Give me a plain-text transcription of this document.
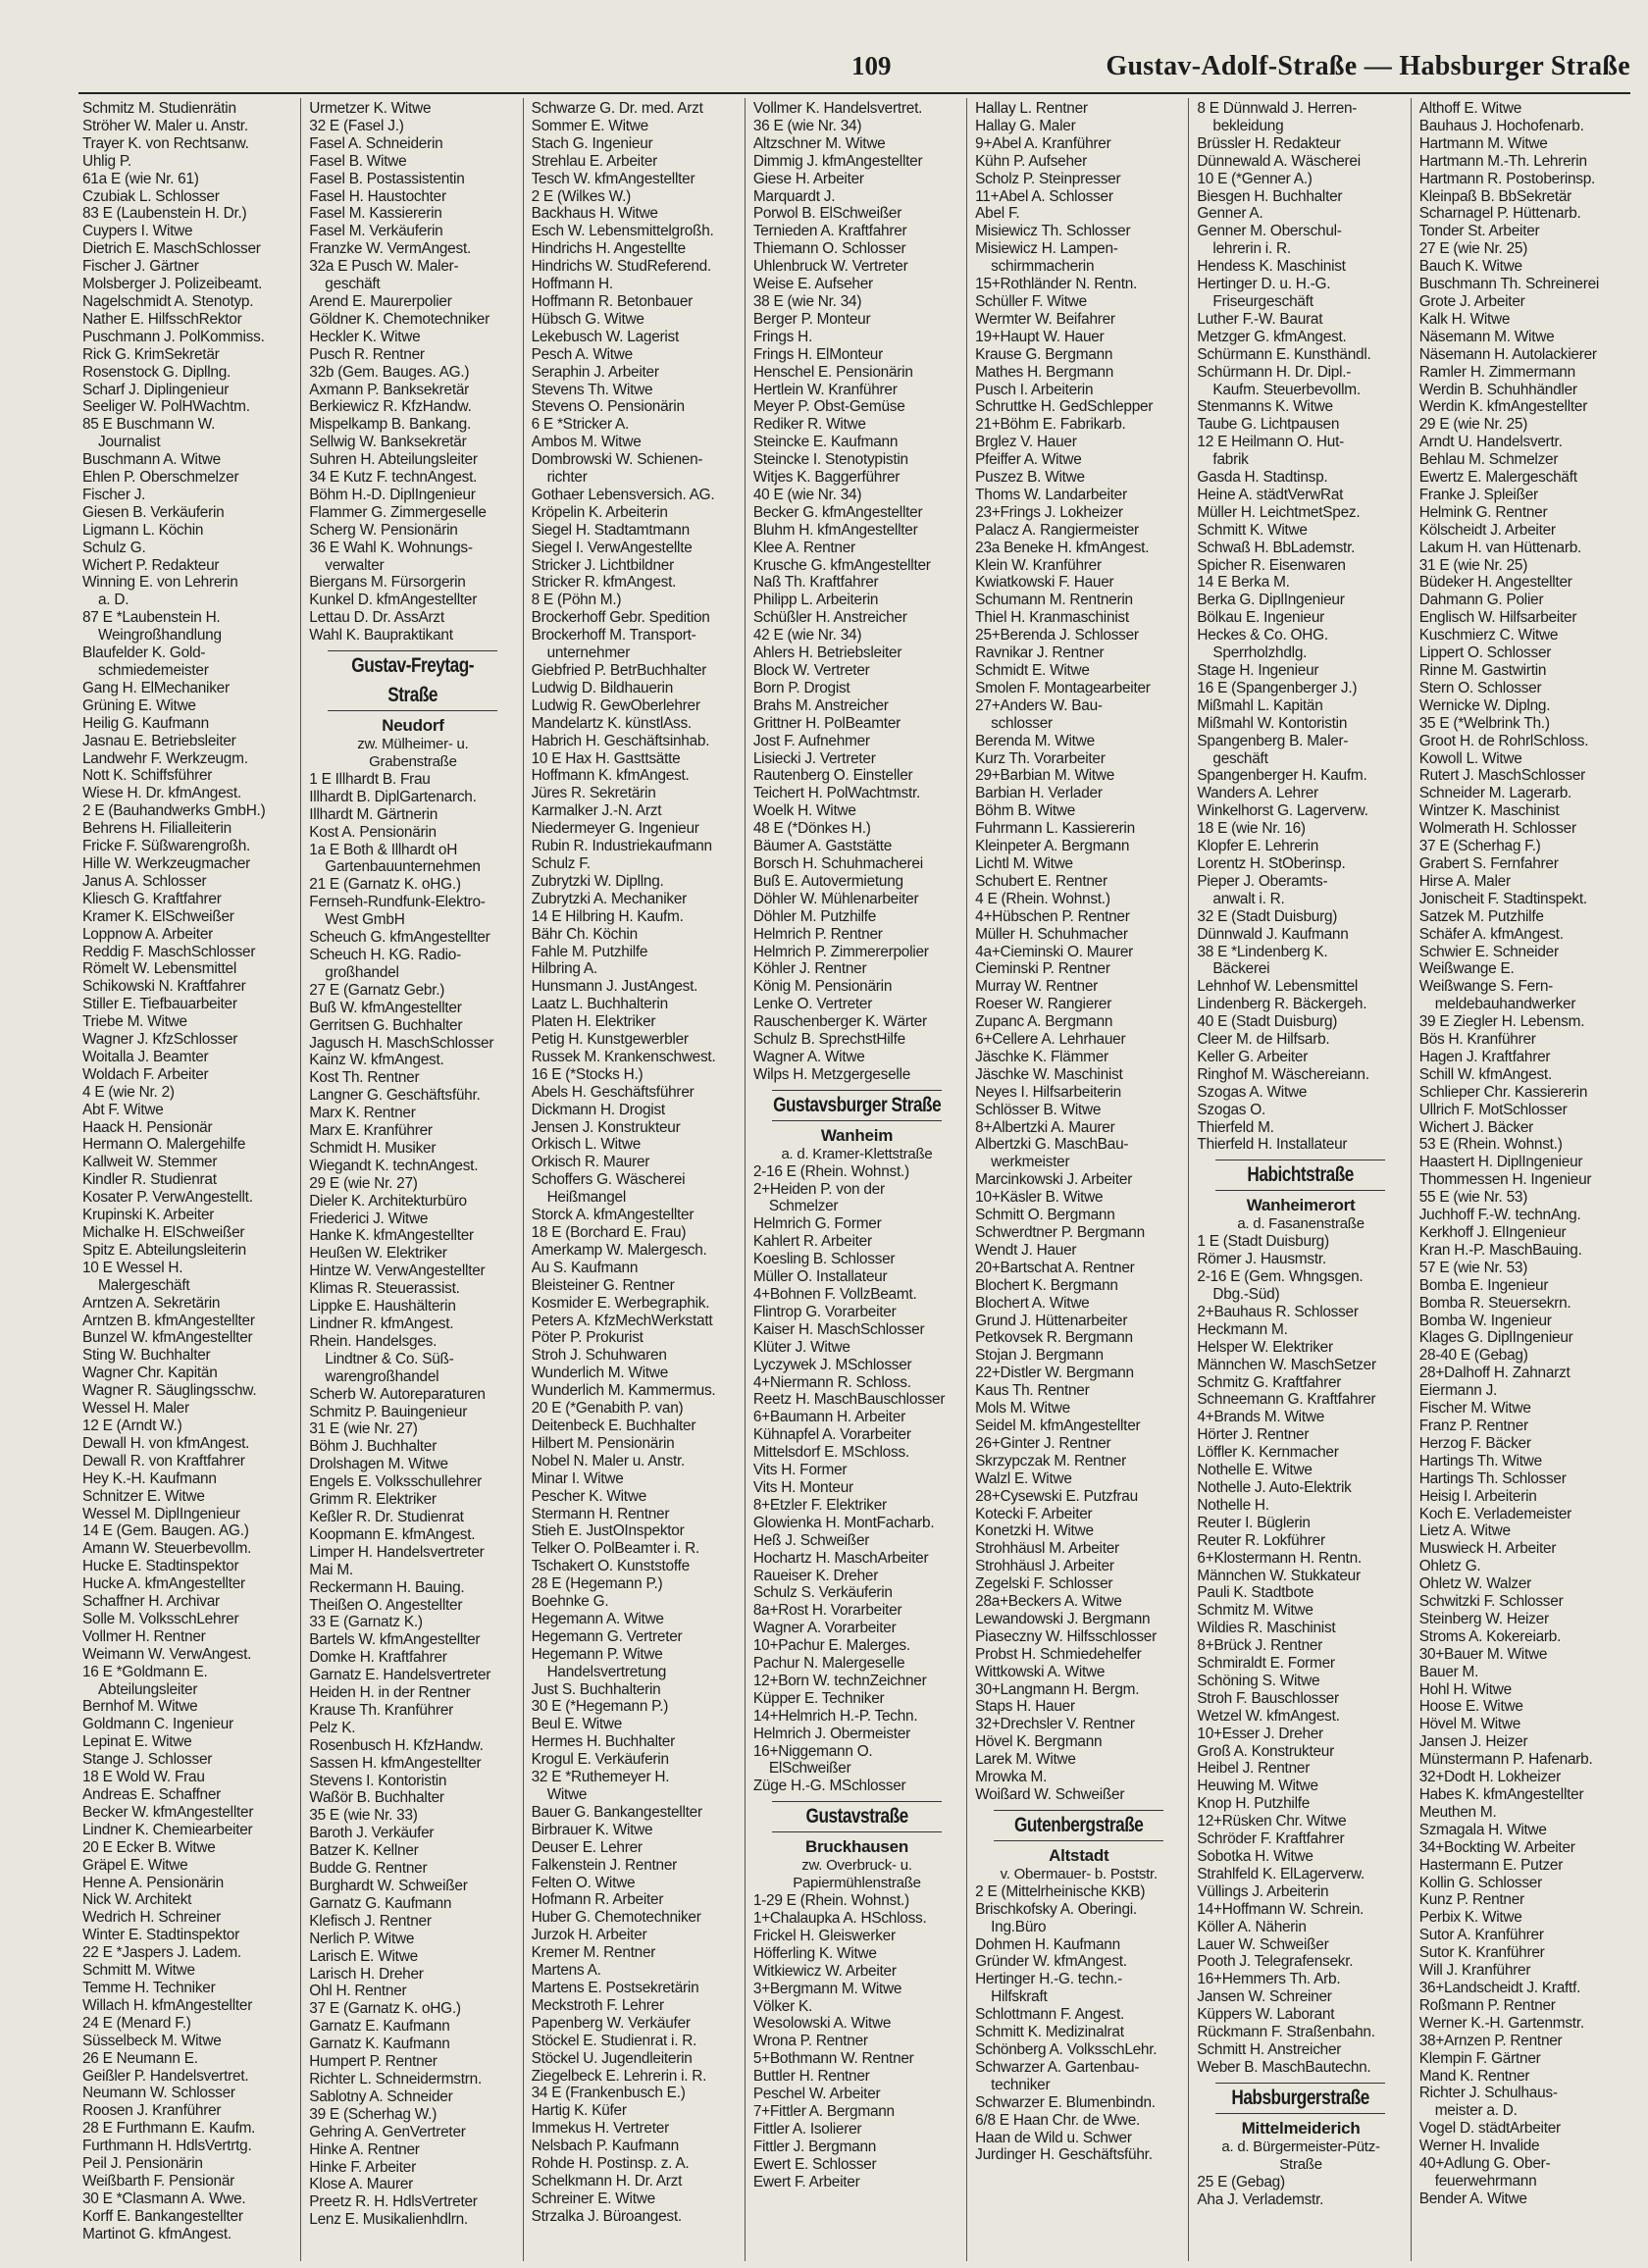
109	Gustav-Adolf-Straße — Habsburger Straße
Schmitz M. Studienrätin
Ströher W. Maler u. Anstr.
Trayer K. von Rechtsanw.
Uhlig P.
61a E (wie Nr. 61)
Czubiak L. Schlosser
83 E (Laubenstein H. Dr.)
Cuypers I. Witwe
Dietrich E. MaschSchlosser
Fischer J. Gärtner
Molsberger J. Polizeibeamt.
Nagelschmidt A. Stenotyp.
Nather E. HilfsschRektor
Puschmann J. PolKommiss.
Rick G. KrimSekretär
Rosenstock G. Dipllng.
Scharf J. Diplingenieur
Seeliger W. PolHWachtm.
85 E Buschmann W.
Journalist
Buschmann A. Witwe
Ehlen P. Oberschmelzer
Fischer J.
Giesen B. Verkäuferin
Ligmann L. Köchin
Schulz G.
Wichert P. Redakteur
Winning E. von Lehrerin
a. D.
87 E *Laubenstein H.
Weingroßhandlung
Blaufelder K. Gold-
schmiedemeister
Gang H. ElMechaniker
Grüning E. Witwe
Heilig G. Kaufmann
Jasnau E. Betriebsleiter
Landwehr F. Werkzeugm.
Nott K. Schiffsführer
Wiese H. Dr. kfmAngest.
2 E (Bauhandwerks GmbH.)
Behrens H. Filialleiterin
Fricke F. Süßwarengroßh.
Hille W. Werkzeugmacher
Janus A. Schlosser
Kliesch G. Kraftfahrer
Kramer K. ElSchweißer
Loppnow A. Arbeiter
Reddig F. MaschSchlosser
Römelt W. Lebensmittel
Schikowski N. Kraftfahrer
Stiller E. Tiefbauarbeiter
Triebe M. Witwe
Wagner J. KfzSchlosser
Woitalla J. Beamter
Woldach F. Arbeiter
4 E (wie Nr. 2)
Abt F. Witwe
Haack H. Pensionär
Hermann O. Malergehilfe
Kallweit W. Stemmer
Kindler R. Studienrat
Kosater P. VerwAngestellt.
Krupinski K. Arbeiter
Michalke H. ElSchweißer
Spitz E. Abteilungsleiterin
10 E Wessel H.
Malergeschäft
Arntzen A. Sekretärin
Arntzen B. kfmAngestellter
Bunzel W. kfmAngestellter
Sting W. Buchhalter
Wagner Chr. Kapitän
Wagner R. Säuglingsschw.
Wessel H. Maler
12 E (Arndt W.)
Dewall H. von kfmAngest.
Dewall R. von Kraftfahrer
Hey K.-H. Kaufmann
Schnitzer E. Witwe
Wessel M. DiplIngenieur
14 E (Gem. Baugen. AG.)
Amann W. Steuerbevollm.
Hucke E. Stadtinspektor
Hucke A. kfmAngestellter
Schaffner H. Archivar
Solle M. VolksschLehrer
Vollmer H. Rentner
Weimann W. VerwAngest.
16 E *Goldmann E.
Abteilungsleiter
Bernhof M. Witwe
Goldmann C. Ingenieur
Lepinat E. Witwe
Stange J. Schlosser
18 E Wold W. Frau
Andreas E. Schaffner
Becker W. kfmAngestellter
Lindner K. Chemiearbeiter
20 E Ecker B. Witwe
Gräpel E. Witwe
Henne A. Pensionärin
Nick W. Architekt
Wedrich H. Schreiner
Winter E. Stadtinspektor
22 E *Jaspers J. Ladem.
Schmitt M. Witwe
Temme H. Techniker
Willach H. kfmAngestellter
24 E (Menard F.)
Süsselbeck M. Witwe
26 E Neumann E.
Geißler P. Handelsvertret.
Neumann W. Schlosser
Roosen J. Kranführer
28 E Furthmann E. Kaufm.
Furthmann H. HdlsVertrtg.
Peil J. Pensionärin
Weißbarth F. Pensionär
30 E *Clasmann A. Wwe.
Korff E. Bankangestellter
Martinot G. kfmAngest.
Urmetzer K. Witwe
32 E (Fasel J.)
Fasel A. Schneiderin
Fasel B. Witwe
Fasel B. Postassistentin
Fasel H. Haustochter
Fasel M. Kassiererin
Fasel M. Verkäuferin
Franzke W. VermAngest.
32a E Pusch W. Maler-
geschäft
Arend E. Maurerpolier
Göldner K. Chemotechniker
Heckler K. Witwe
Pusch R. Rentner
32b (Gem. Bauges. AG.)
Axmann P. Banksekretär
Berkiewicz R. KfzHandw.
Mispelkamp B. Bankang.
Sellwig W. Banksekretär
Suhren H. Abteilungsleiter
34 E Kutz F. technAngest.
Böhm H.-D. DiplIngenieur
Flammer G. Zimmergeselle
Scherg W. Pensionärin
36 E Wahl K. Wohnungs-
verwalter
Biergans M. Fürsorgerin
Kunkel D. kfmAngestellter
Lettau D. Dr. AssArzt
Wahl K. Baupraktikant
Gustav-Freytag-Straße
Neudorf
zw. Mülheimer- u.
Grabenstraße
1 E Illhardt B. Frau
Illhardt B. DiplGartenarch.
Illhardt M. Gärtnerin
Kost A. Pensionärin
1a E Both & Illhardt oH
Gartenbauunternehmen
21 E (Garnatz K. oHG.)
Fernseh-Rundfunk-Elektro-
West GmbH
Scheuch G. kfmAngestellter
Scheuch H. KG. Radio-
großhandel
27 E (Garnatz Gebr.)
Buß W. kfmAngestellter
Gerritsen G. Buchhalter
Jagusch H. MaschSchlosser
Kainz W. kfmAngest.
Kost Th. Rentner
Langner G. Geschäftsführ.
Marx K. Rentner
Marx E. Kranführer
Schmidt H. Musiker
Wiegandt K. technAngest.
29 E (wie Nr. 27)
Dieler K. Architekturbüro
Friederici J. Witwe
Hanke K. kfmAngestellter
Heußen W. Elektriker
Hintze W. VerwAngestellter
Klimas R. Steuerassist.
Lippke E. Haushälterin
Lindner R. kfmAngest.
Rhein. Handelsges.
Lindtner & Co. Süß-
warengroßhandel
Scherb W. Autoreparaturen
Schmitz P. Bauingenieur
31 E (wie Nr. 27)
Böhm J. Buchhalter
Drolshagen M. Witwe
Engels E. Volksschullehrer
Grimm R. Elektriker
Keßler R. Dr. Studienrat
Koopmann E. kfmAngest.
Limper H. Handelsvertreter
Mai M.
Reckermann H. Bauing.
Theißen O. Angestellter
33 E (Garnatz K.)
Bartels W. kfmAngestellter
Domke H. Kraftfahrer
Garnatz E. Handelsvertreter
Heiden H. in der Rentner
Krause Th. Kranführer
Pelz K.
Rosenbusch H. KfzHandw.
Sassen H. kfmAngestellter
Stevens I. Kontoristin
Waßör B. Buchhalter
35 E (wie Nr. 33)
Baroth J. Verkäufer
Batzer K. Kellner
Budde G. Rentner
Burghardt W. Schweißer
Garnatz G. Kaufmann
Klefisch J. Rentner
Nerlich P. Witwe
Larisch E. Witwe
Larisch H. Dreher
Ohl H. Rentner
37 E (Garnatz K. oHG.)
Garnatz E. Kaufmann
Garnatz K. Kaufmann
Humpert P. Rentner
Richter L. Schneidermstrn.
Sablotny A. Schneider
39 E (Scherhag W.)
Gehring A. GenVertreter
Hinke A. Rentner
Hinke F. Arbeiter
Klose A. Maurer
Preetz R. H. HdlsVertreter
Lenz E. Musikalienhdlrn.
Schwarze G. Dr. med. Arzt
Sommer E. Witwe
Stach G. Ingenieur
Strehlau E. Arbeiter
Tesch W. kfmAngestellter
2 E (Wilkes W.)
Backhaus H. Witwe
Esch W. Lebensmittelgroßh.
Hindrichs H. Angestellte
Hindrichs W. StudReferend.
Hoffmann H.
Hoffmann R. Betonbauer
Hübsch G. Witwe
Lekebusch W. Lagerist
Pesch A. Witwe
Seraphin J. Arbeiter
Stevens Th. Witwe
Stevens O. Pensionärin
6 E *Stricker A.
Ambos M. Witwe
Dombrowski W. Schienen-
richter
Gothaer Lebensversich. AG.
Kröpelin K. Arbeiterin
Siegel H. Stadtamtmann
Siegel I. VerwAngestellte
Stricker J. Lichtbildner
Stricker R. kfmAngest.
8 E (Pöhn M.)
Brockerhoff Gebr. Spedition
Brockerhoff M. Transport-
unternehmer
Giebfried P. BetrBuchhalter
Ludwig D. Bildhauerin
Ludwig R. GewOberlehrer
Mandelartz K. künstlAss.
Habrich H. Geschäftsinhab.
10 E Hax H. Gasttsätte
Hoffmann K. kfmAngest.
Jüres R. Sekretärin
Karmalker J.-N. Arzt
Niedermeyer G. Ingenieur
Rubin R. Industriekaufmann
Schulz F.
Zubrytzki W. Dipllng.
Zubrytzki A. Mechaniker
14 E Hilbring H. Kaufm.
Bähr Ch. Köchin
Fahle M. Putzhilfe
Hilbring A.
Hunsmann J. JustAngest.
Laatz L. Buchhalterin
Platen H. Elektriker
Petig H. Kunstgewerbler
Russek M. Krankenschwest.
16 E (*Stocks H.)
Abels H. Geschäftsführer
Dickmann H. Drogist
Jensen J. Konstrukteur
Orkisch L. Witwe
Orkisch R. Maurer
Schoffers G. Wäscherei
Heißmangel
Storck A. kfmAngestellter
18 E (Borchard E. Frau)
Amerkamp W. Malergesch.
Au S. Kaufmann
Bleisteiner G. Rentner
Kosmider E. Werbegraphik.
Peters A. KfzMechWerkstatt
Pöter P. Prokurist
Stroh J. Schuhwaren
Wunderlich M. Witwe
Wunderlich M. Kammermus.
20 E (*Genabith P. van)
Deitenbeck E. Buchhalter
Hilbert M. Pensionärin
Nobel N. Maler u. Anstr.
Minar I. Witwe
Pescher K. Witwe
Stermann H. Rentner
Stieh E. JustOInspektor
Telker O. PolBeamter i. R.
Tschakert O. Kunststoffe
28 E (Hegemann P.)
Boehnke G.
Hegemann A. Witwe
Hegemann G. Vertreter
Hegemann P. Witwe
Handelsvertretung
Just S. Buchhalterin
30 E (*Hegemann P.)
Beul E. Witwe
Hermes H. Buchhalter
Krogul E. Verkäuferin
32 E *Ruthemeyer H.
Witwe
Bauer G. Bankangestellter
Birbrauer K. Witwe
Deuser E. Lehrer
Falkenstein J. Rentner
Felten O. Witwe
Hofmann R. Arbeiter
Huber G. Chemotechniker
Jurzok H. Arbeiter
Kremer M. Rentner
Martens A.
Martens E. Postsekretärin
Meckstroth F. Lehrer
Papenberg W. Verkäufer
Stöckel E. Studienrat i. R.
Stöckel U. Jugendleiterin
Ziegelbeck E. Lehrerin i. R.
34 E (Frankenbusch E.)
Hartig K. Küfer
Immekus H. Vertreter
Nelsbach P. Kaufmann
Rohde H. Postinsp. z. A.
Schelkmann H. Dr. Arzt
Schreiner E. Witwe
Strzalka J. Büroangest.
Vollmer K. Handelsvertret.
36 E (wie Nr. 34)
Altzschner M. Witwe
Dimmig J. kfmAngestellter
Giese H. Arbeiter
Marquardt J.
Porwol B. ElSchweißer
Ternieden A. Kraftfahrer
Thiemann O. Schlosser
Uhlenbruck W. Vertreter
Weise E. Aufseher
38 E (wie Nr. 34)
Berger P. Monteur
Frings H.
Frings H. ElMonteur
Henschel E. Pensionärin
Hertlein W. Kranführer
Meyer P. Obst-Gemüse
Rediker R. Witwe
Steincke E. Kaufmann
Steincke I. Stenotypistin
Witjes K. Baggerführer
40 E (wie Nr. 34)
Becker G. kfmAngestellter
Bluhm H. kfmAngestellter
Klee A. Rentner
Krusche G. kfmAngestellter
Naß Th. Kraftfahrer
Philipp L. Arbeiterin
Schüßler H. Anstreicher
42 E (wie Nr. 34)
Ahlers H. Betriebsleiter
Block W. Vertreter
Born P. Drogist
Brahs M. Anstreicher
Grittner H. PolBeamter
Jost F. Aufnehmer
Lisiecki J. Vertreter
Rautenberg O. Einsteller
Teichert H. PolWachtmstr.
Woelk H. Witwe
48 E (*Dönkes H.)
Bäumer A. Gaststätte
Borsch H. Schuhmacherei
Buß E. Autovermietung
Döhler W. Mühlenarbeiter
Döhler M. Putzhilfe
Helmrich P. Rentner
Helmrich P. Zimmererpolier
Köhler J. Rentner
König M. Pensionärin
Lenke O. Vertreter
Rauschenberger K. Wärter
Schulz B. SprechstHilfe
Wagner A. Witwe
Wilps H. Metzgergeselle
Gustavsburger Straße
Wanheim
a. d. Kramer-Klettstraße
2-16 E (Rhein. Wohnst.)
2+Heiden P. von der
Schmelzer
Helmrich G. Former
Kahlert R. Arbeiter
Koesling B. Schlosser
Müller O. Installateur
4+Bohnen F. VollzBeamt.
Flintrop G. Vorarbeiter
Kaiser H. MaschSchlosser
Klüter J. Witwe
Lyczywek J. MSchlosser
4+Niermann R. Schloss.
Reetz H. MaschBauschlosser
6+Baumann H. Arbeiter
Kühnapfel A. Vorarbeiter
Mittelsdorf E. MSchloss.
Vits H. Former
Vits H. Monteur
8+Etzler F. Elektriker
Glowienka H. MontFacharb.
Heß J. Schweißer
Hochartz H. MaschArbeiter
Raueiser K. Dreher
Schulz S. Verkäuferin
8a+Rost H. Vorarbeiter
Wagner A. Vorarbeiter
10+Pachur E. Malerges.
Pachur N. Malergeselle
12+Born W. technZeichner
Küpper E. Techniker
14+Helmrich H.-P. Techn.
Helmrich J. Obermeister
16+Niggemann O.
ElSchweißer
Züge H.-G. MSchlosser
Gustavstraße
Bruckhausen
zw. Overbruck- u.
Papiermühlenstraße
1-29 E (Rhein. Wohnst.)
1+Chalaupka A. HSchloss.
Frickel H. Gleiswerker
Höfferling K. Witwe
Witkiewicz W. Arbeiter
3+Bergmann M. Witwe
Völker K.
Wesolowski A. Witwe
Wrona P. Rentner
5+Bothmann W. Rentner
Buttler H. Rentner
Peschel W. Arbeiter
7+Fittler A. Bergmann
Fittler A. Isolierer
Fittler J. Bergmann
Ewert E. Schlosser
Ewert F. Arbeiter
Hallay L. Rentner
Hallay G. Maler
9+Abel A. Kranführer
Kühn P. Aufseher
Scholz P. Steinpresser
11+Abel A. Schlosser
Abel F.
Misiewicz Th. Schlosser
Misiewicz H. Lampen-
schirmmacherin
15+Rothländer N. Rentn.
Schüller F. Witwe
Wermter W. Beifahrer
19+Haupt W. Hauer
Krause G. Bergmann
Mathes H. Bergmann
Pusch I. Arbeiterin
Schruttke H. GedSchlepper
21+Böhm E. Fabrikarb.
Brglez V. Hauer
Pfeiffer A. Witwe
Puszez B. Witwe
Thoms W. Landarbeiter
23+Frings J. Lokheizer
Palacz A. Rangiermeister
23a Beneke H. kfmAngest.
Klein W. Kranführer
Kwiatkowski F. Hauer
Schumann M. Rentnerin
Thiel H. Kranmaschinist
25+Berenda J. Schlosser
Ravnikar J. Rentner
Schmidt E. Witwe
Smolen F. Montagearbeiter
27+Anders W. Bau-
schlosser
Berenda M. Witwe
Kurz Th. Vorarbeiter
29+Barbian M. Witwe
Barbian H. Verlader
Böhm B. Witwe
Fuhrmann L. Kassiererin
Kleinpeter A. Bergmann
Lichtl M. Witwe
Schubert E. Rentner
4 E (Rhein. Wohnst.)
4+Hübschen P. Rentner
Müller H. Schuhmacher
4a+Cieminski O. Maurer
Cieminski P. Rentner
Murray W. Rentner
Roeser W. Rangierer
Zupanc A. Bergmann
6+Cellere A. Lehrhauer
Jäschke K. Flämmer
Jäschke W. Maschinist
Neyes I. Hilfsarbeiterin
Schlösser B. Witwe
8+Albertzki A. Maurer
Albertzki G. MaschBau-
werkmeister
Marcinkowski J. Arbeiter
10+Käsler B. Witwe
Schmitt O. Bergmann
Schwerdtner P. Bergmann
Wendt J. Hauer
20+Bartschat A. Rentner
Blochert K. Bergmann
Blochert A. Witwe
Grund J. Hüttenarbeiter
Petkovsek R. Bergmann
Stojan J. Bergmann
22+Distler W. Bergmann
Kaus Th. Rentner
Mols M. Witwe
Seidel M. kfmAngestellter
26+Ginter J. Rentner
Skrzypczak M. Rentner
Walzl E. Witwe
28+Cysewski E. Putzfrau
Kotecki F. Arbeiter
Konetzki H. Witwe
Strohhäusl M. Arbeiter
Strohhäusl J. Arbeiter
Zegelski F. Schlosser
28a+Beckers A. Witwe
Lewandowski J. Bergmann
Piaseczny W. Hilfsschlosser
Probst H. Schmiedehelfer
Wittkowski A. Witwe
30+Langmann H. Bergm.
Staps H. Hauer
32+Drechsler V. Rentner
Hövel K. Bergmann
Larek M. Witwe
Mrowka M.
Woißard W. Schweißer
Gutenbergstraße
Altstadt
v. Obermauer- b. Poststr.
2 E (Mittelrheinische KKB)
Brischkofsky A. Oberingi.
Ing.Büro
Dohmen H. Kaufmann
Gründer W. kfmAngest.
Hertinger H.-G. techn.-
Hilfskraft
Schlottmann F. Angest.
Schmitt K. Medizinalrat
Schönberg A. VolksschLehr.
Schwarzer A. Gartenbau-
techniker
Schwarzer E. Blumenbindn.
6/8 E Haan Chr. de Wwe.
Haan de Wild u. Schwer
Jurdinger H. Geschäftsführ.
8 E Dünnwald J. Herren-
bekleidung
Brüssler H. Redakteur
Dünnewald A. Wäscherei
10 E (*Genner A.)
Biesgen H. Buchhalter
Genner A.
Genner M. Oberschul-
lehrerin i. R.
Hendess K. Maschinist
Hertinger D. u. H.-G.
Friseurgeschäft
Luther F.-W. Baurat
Metzger G. kfmAngest.
Schürmann E. Kunsthändl.
Schürmann H. Dr. Dipl.-
Kaufm. Steuerbevollm.
Stenmanns K. Witwe
Taube G. Lichtpausen
12 E Heilmann O. Hut-
fabrik
Gasda H. Stadtinsp.
Heine A. städtVerwRat
Müller H. LeichtmetSpez.
Schmitt K. Witwe
Schwaß H. BbLademstr.
Spicher R. Eisenwaren
14 E Berka M.
Berka G. DiplIngenieur
Bölkau E. Ingenieur
Heckes & Co. OHG.
Sperrholzhdlg.
Stage H. Ingenieur
16 E (Spangenberger J.)
Mißmahl L. Kapitän
Mißmahl W. Kontoristin
Spangenberg B. Maler-
geschäft
Spangenberger H. Kaufm.
Wanders A. Lehrer
Winkelhorst G. Lagerverw.
18 E (wie Nr. 16)
Klopfer E. Lehrerin
Lorentz H. StOberinsp.
Pieper J. Oberamts-
anwalt i. R.
32 E (Stadt Duisburg)
Dünnwald J. Kaufmann
38 E *Lindenberg K.
Bäckerei
Lehnhof W. Lebensmittel
Lindenberg R. Bäckergeh.
40 E (Stadt Duisburg)
Cleer M. de Hilfsarb.
Keller G. Arbeiter
Ringhof M. Wäschereiann.
Szogas A. Witwe
Szogas O.
Thierfeld M.
Thierfeld H. Installateur
Habichtstraße
Wanheimerort
a. d. Fasanenstraße
1 E (Stadt Duisburg)
Römer J. Hausmstr.
2-16 E (Gem. Whngsgen.
Dbg.-Süd)
2+Bauhaus R. Schlosser
Heckmann M.
Helsper W. Elektriker
Männchen W. MaschSetzer
Schmitz G. Kraftfahrer
Schneemann G. Kraftfahrer
4+Brands M. Witwe
Hörter J. Rentner
Löffler K. Kernmacher
Nothelle E. Witwe
Nothelle J. Auto-Elektrik
Nothelle H.
Reuter I. Büglerin
Reuter R. Lokführer
6+Klostermann H. Rentn.
Männchen W. Stukkateur
Pauli K. Stadtbote
Schmitz M. Witwe
Wildies R. Maschinist
8+Brück J. Rentner
Schmiraldt E. Former
Schöning S. Witwe
Stroh F. Bauschlosser
Wetzel W. kfmAngest.
10+Esser J. Dreher
Groß A. Konstrukteur
Heibel J. Rentner
Heuwing M. Witwe
Knop H. Putzhilfe
12+Rüsken Chr. Witwe
Schröder F. Kraftfahrer
Sobotka H. Witwe
Strahlfeld K. ElLagerverw.
Vüllings J. Arbeiterin
14+Hoffmann W. Schrein.
Köller A. Näherin
Lauer W. Schweißer
Pooth J. Telegrafensekr.
16+Hemmers Th. Arb.
Jansen W. Schreiner
Küppers W. Laborant
Rückmann F. Straßenbahn.
Schmitt H. Anstreicher
Weber B. MaschBautechn.
Habsburgerstraße
Mittelmeiderich
a. d. Bürgermeister-Pütz-
Straße
25 E (Gebag)
Aha J. Verlademstr.
Althoff E. Witwe
Bauhaus J. Hochofenarb.
Hartmann M. Witwe
Hartmann M.-Th. Lehrerin
Hartmann R. Postoberinsp.
Kleinpaß B. BbSekretär
Scharnagel P. Hüttenarb.
Tonder St. Arbeiter
27 E (wie Nr. 25)
Bauch K. Witwe
Buschmann Th. Schreinerei
Grote J. Arbeiter
Kalk H. Witwe
Näsemann M. Witwe
Näsemann H. Autolackierer
Ramler H. Zimmermann
Werdin B. Schuhhändler
Werdin K. kfmAngestellter
29 E (wie Nr. 25)
Arndt U. Handelsvertr.
Behlau M. Schmelzer
Ewertz E. Malergeschäft
Franke J. Spleißer
Helmink G. Rentner
Kölscheidt J. Arbeiter
Lakum H. van Hüttenarb.
31 E (wie Nr. 25)
Büdeker H. Angestellter
Dahmann G. Polier
Englisch W. Hilfsarbeiter
Kuschmierz C. Witwe
Lippert O. Schlosser
Rinne M. Gastwirtin
Stern O. Schlosser
Wernicke W. Diplng.
35 E (*Welbrink Th.)
Groot H. de RohrlSchloss.
Kowoll L. Witwe
Rutert J. MaschSchlosser
Schneider M. Lagerarb.
Wintzer K. Maschinist
Wolmerath H. Schlosser
37 E (Scherhag F.)
Grabert S. Fernfahrer
Hirse A. Maler
Jonischeit F. Stadtinspekt.
Satzek M. Putzhilfe
Schäfer A. kfmAngest.
Schwier E. Schneider
Weißwange E.
Weißwange S. Fern-
meldebauhandwerker
39 E Ziegler H. Lebensm.
Bös H. Kranführer
Hagen J. Kraftfahrer
Schill W. kfmAngest.
Schlieper Chr. Kassiererin
Ullrich F. MotSchlosser
Wichert J. Bäcker
53 E (Rhein. Wohnst.)
Haastert H. DiplIngenieur
Thommessen H. Ingenieur
55 E (wie Nr. 53)
Juchhoff F.-W. technAng.
Kerkhoff J. ElIngenieur
Kran H.-P. MaschBauing.
57 E (wie Nr. 53)
Bomba E. Ingenieur
Bomba R. Steuersekrn.
Bomba W. Ingenieur
Klages G. DiplIngenieur
28-40 E (Gebag)
28+Dalhoff H. Zahnarzt
Eiermann J.
Fischer M. Witwe
Franz P. Rentner
Herzog F. Bäcker
Hartings Th. Witwe
Hartings Th. Schlosser
Heisig I. Arbeiterin
Koch E. Verlademeister
Lietz A. Witwe
Muswieck H. Arbeiter
Ohletz G.
Ohletz W. Walzer
Schwitzki F. Schlosser
Steinberg W. Heizer
Stroms A. Kokereiarb.
30+Bauer M. Witwe
Bauer M.
Hohl H. Witwe
Hoose E. Witwe
Hövel M. Witwe
Jansen J. Heizer
Münstermann P. Hafenarb.
32+Dodt H. Lokheizer
Habes K. kfmAngestellter
Meuthen M.
Szmagala H. Witwe
34+Bockting W. Arbeiter
Hastermann E. Putzer
Kollin G. Schlosser
Kunz P. Rentner
Perbix K. Witwe
Sutor A. Kranführer
Sutor K. Kranführer
Will J. Kranführer
36+Landscheidt J. Kraftf.
Roßmann P. Rentner
Werner K.-H. Gartenmstr.
38+Arnzen P. Rentner
Klempin F. Gärtner
Mand K. Rentner
Richter J. Schulhaus-
meister a. D.
Vogel D. städtArbeiter
Werner H. Invalide
40+Adlung G. Ober-
feuerwehrmann
Bender A. Witwe
